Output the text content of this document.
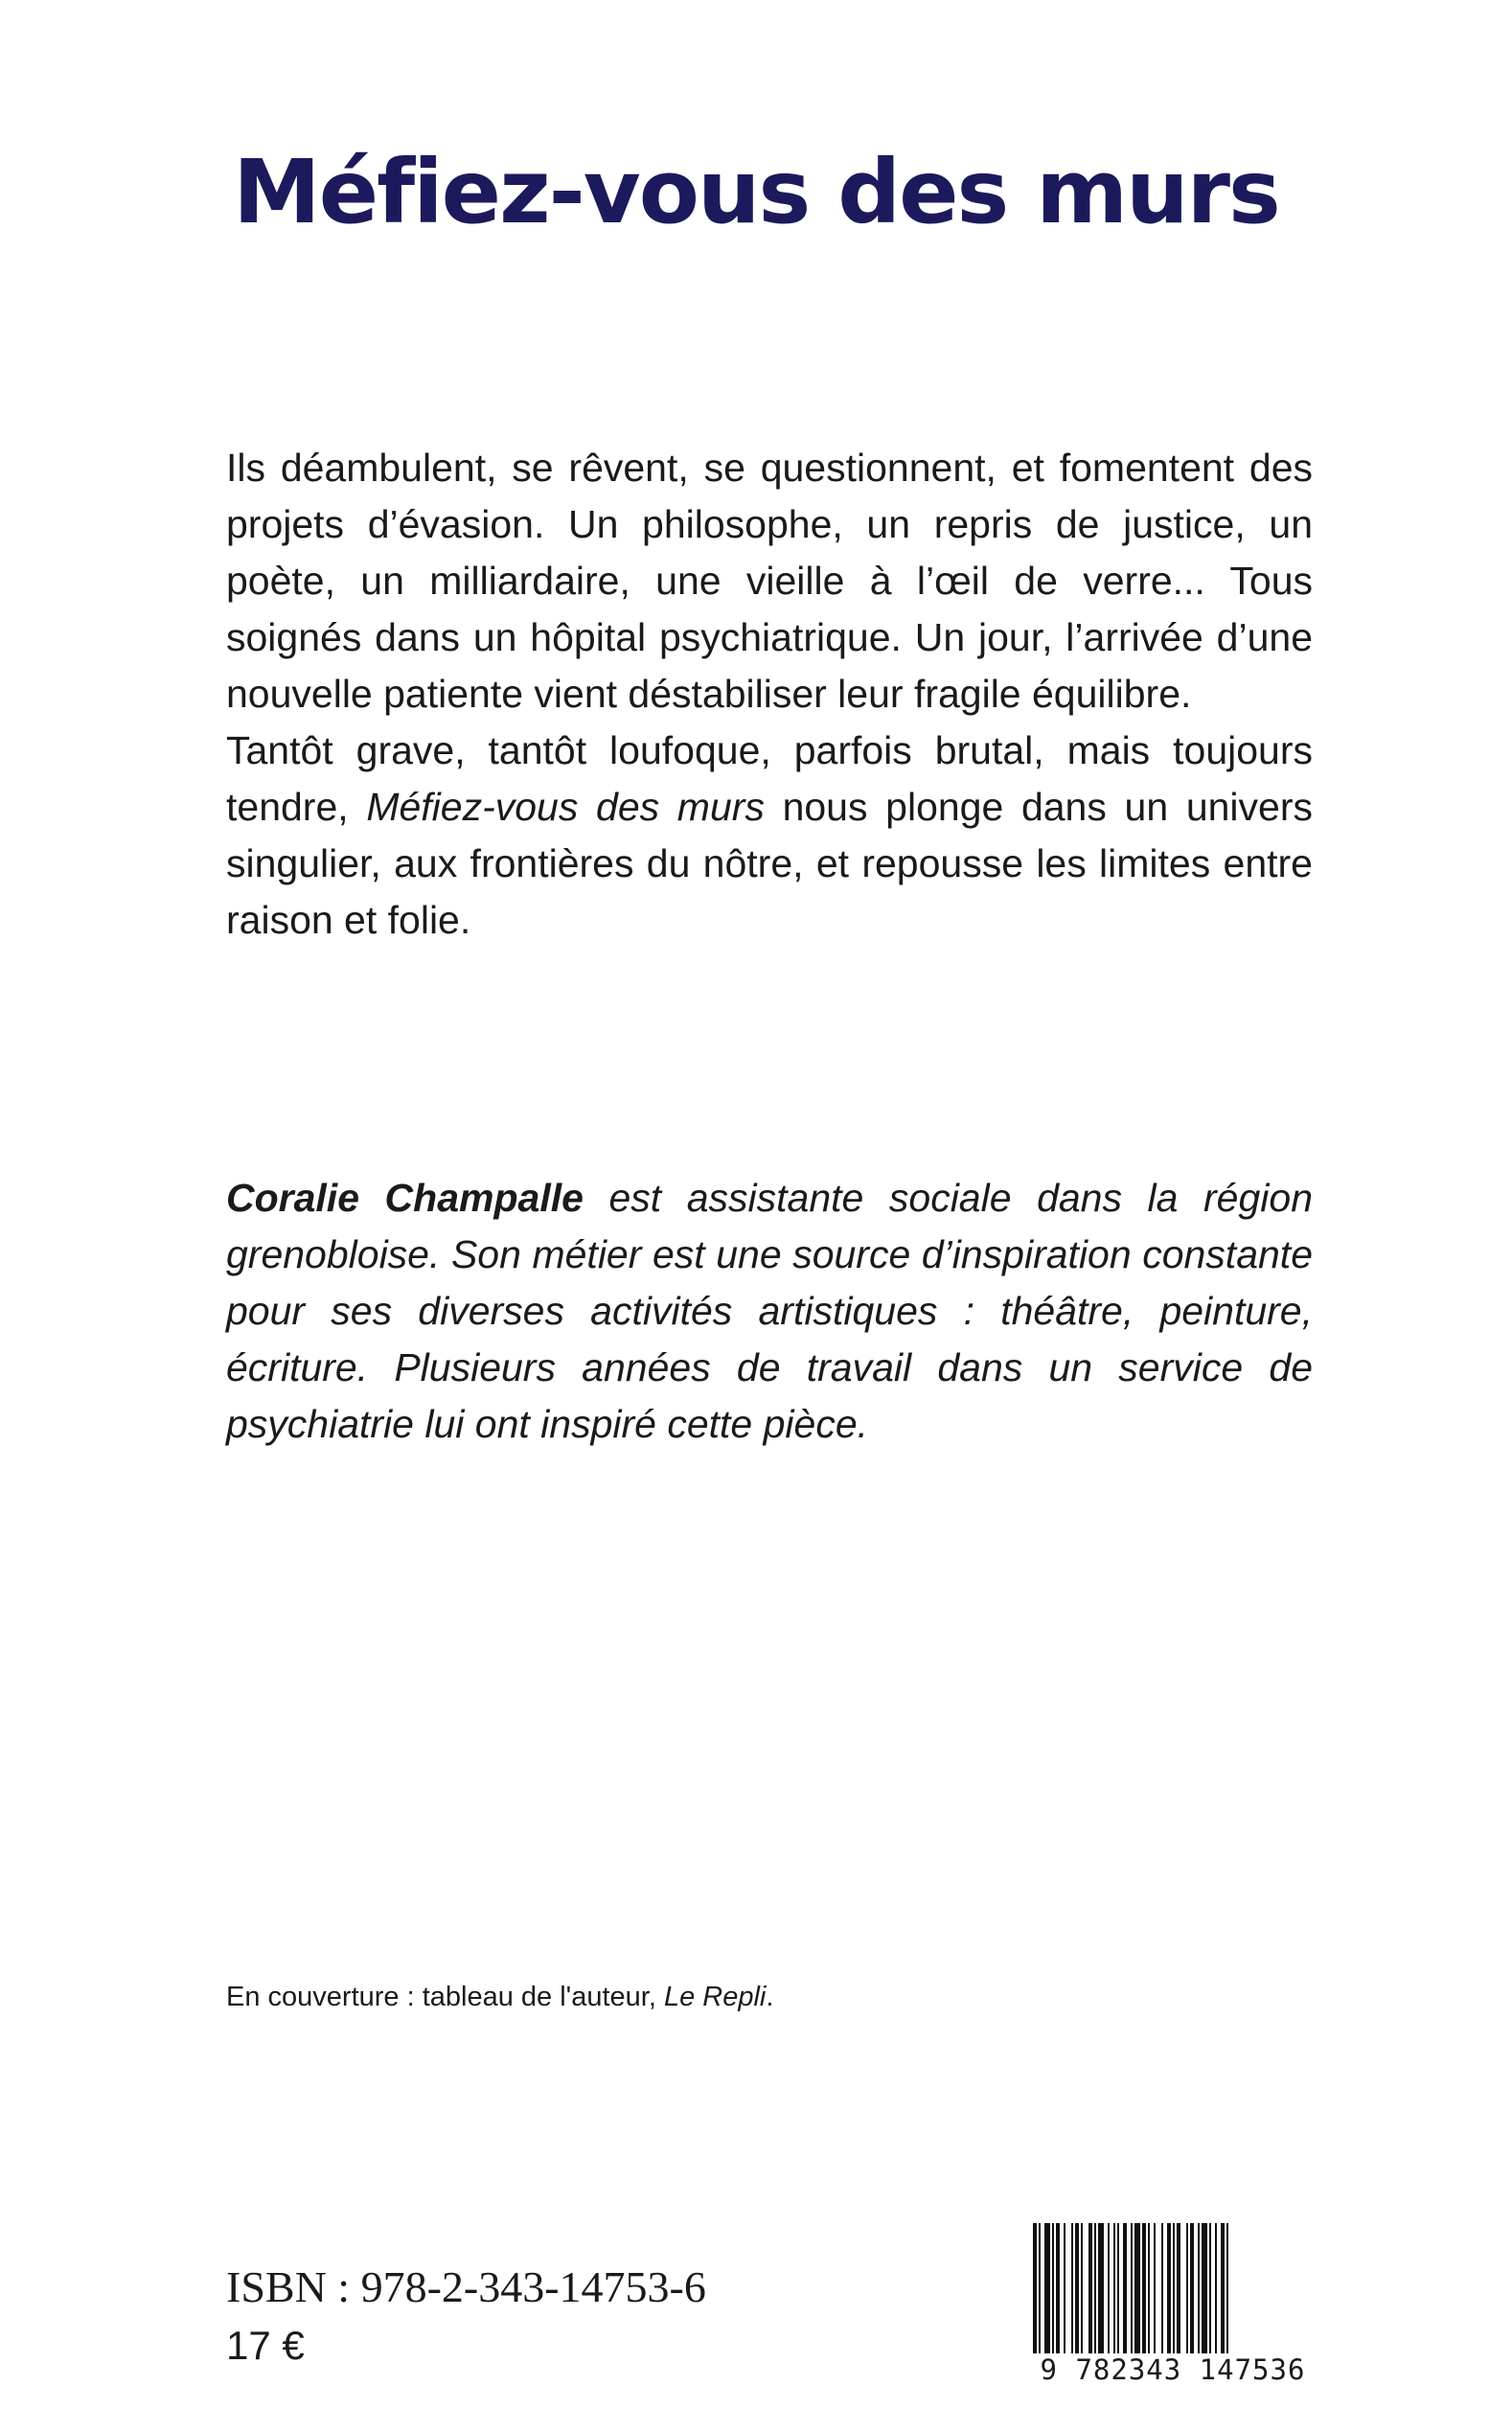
Méfiez-vous des murs

Ils déambulent, se rêvent, se questionnent, et fomentent des projets d’évasion. Un philosophe, un repris de justice, un poète, un milliardaire, une vieille à l’œil de verre... Tous soignés dans un hôpital psychiatrique. Un jour, l’arrivée d’une nouvelle patiente vient déstabiliser leur fragile équilibre.

Tantôt grave, tantôt loufoque, parfois brutal, mais toujours tendre, Méfiez-vous des murs nous plonge dans un univers singulier, aux frontières du nôtre, et repousse les limites entre raison et folie.

Coralie Champalle est assistante sociale dans la région grenobloise. Son métier est une source d’inspiration constante pour ses diverses activités artistiques : théâtre, peinture, écriture. Plusieurs années de travail dans un service de psychiatrie lui ont inspiré cette pièce.

En couverture : tableau de l'auteur, Le Repli.

ISBN : 978-2-343-14753-6

17 €

9 782343 147536
